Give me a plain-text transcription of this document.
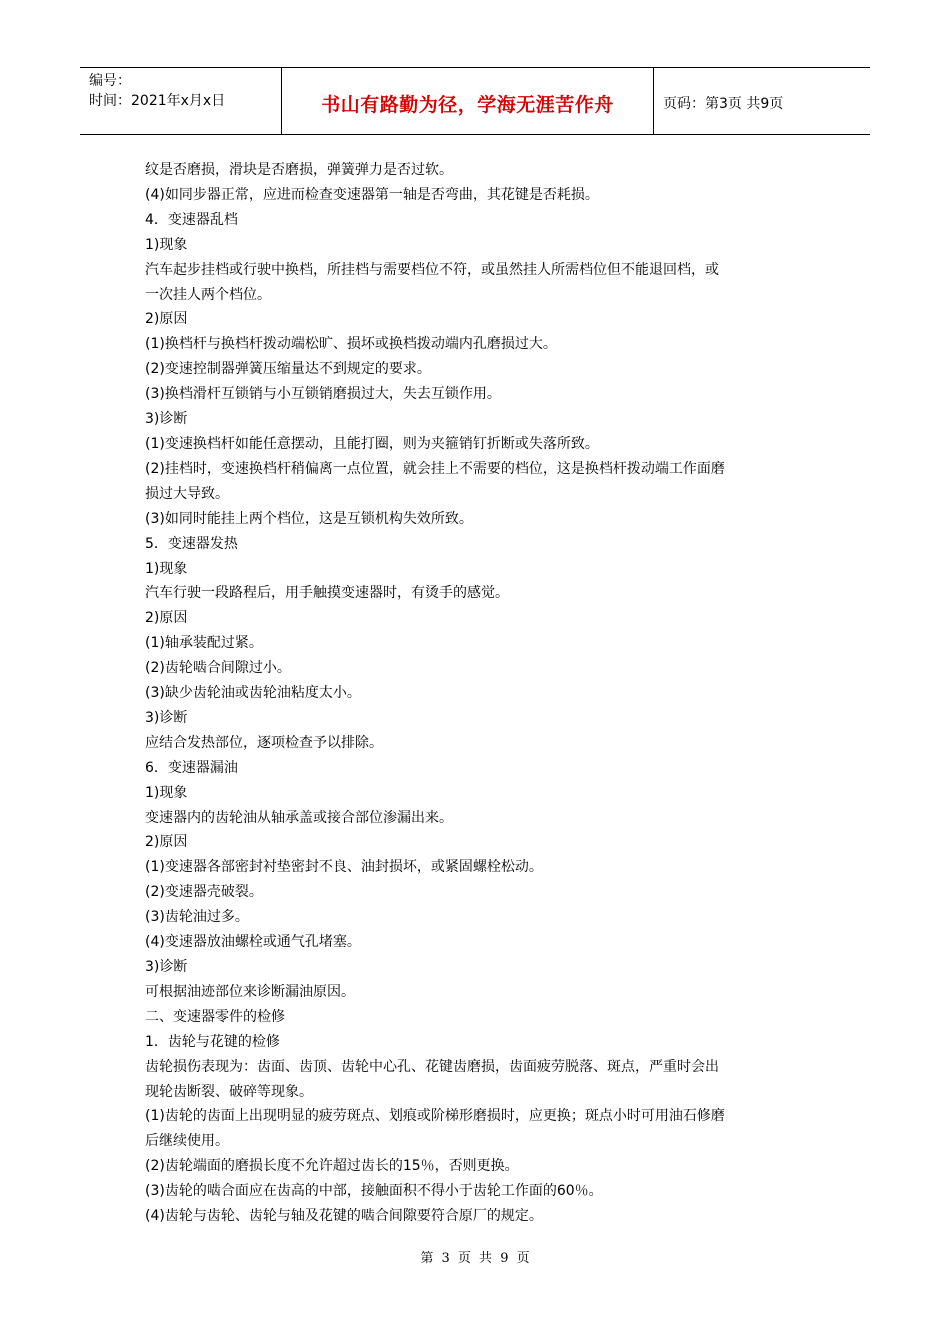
编号：
时间：2021年x月x日	书山有路勤为径，学海无涯苦作舟	页码：第3页 共9页

纹是否磨损，滑块是否磨损，弹簧弹力是否过软。

(4)如同步器正常，应进而检查变速器第一轴是否弯曲，其花键是否耗损。

4．变速器乱档

1)现象

汽车起步挂档或行驶中换档，所挂档与需要档位不符，或虽然挂人所需档位但不能退回档，或

一次挂人两个档位。

2)原因

(1)换档杆与换档杆拨动端松旷、损坏或换档拨动端内孔磨损过大。

(2)变速控制器弹簧压缩量达不到规定的要求。

(3)换档滑杆互锁销与小互锁销磨损过大，失去互锁作用。

3)诊断

(1)变速换档杆如能任意摆动，且能打圈，则为夹箍销钉折断或失落所致。

(2)挂档时，变速换档杆稍偏离一点位置，就会挂上不需要的档位，这是换档杆拨动端工作面磨

损过大导致。

(3)如同时能挂上两个档位，这是互锁机构失效所致。

5．变速器发热

1)现象

汽车行驶一段路程后，用手触摸变速器时，有烫手的感觉。

2)原因

(1)轴承装配过紧。

(2)齿轮啮合间隙过小。

(3)缺少齿轮油或齿轮油粘度太小。

3)诊断

应结合发热部位，逐项检查予以排除。

6．变速器漏油

1)现象

变速器内的齿轮油从轴承盖或接合部位渗漏出来。

2)原因

(1)变速器各部密封衬垫密封不良、油封损坏，或紧固螺栓松动。

(2)变速器壳破裂。

(3)齿轮油过多。

(4)变速器放油螺栓或通气孔堵塞。

3)诊断

可根据油迹部位来诊断漏油原因。

二、变速器零件的检修

1．齿轮与花键的检修

齿轮损伤表现为：齿面、齿顶、齿轮中心孔、花键齿磨损，齿面疲劳脱落、斑点，严重时会出

现轮齿断裂、破碎等现象。

(1)齿轮的齿面上出现明显的疲劳斑点、划痕或阶梯形磨损时，应更换；斑点小时可用油石修磨

后继续使用。

(2)齿轮端面的磨损长度不允许超过齿长的15％，否则更换。

(3)齿轮的啮合面应在齿高的中部，接触面积不得小于齿轮工作面的60％。

(4)齿轮与齿轮、齿轮与轴及花键的啮合间隙要符合原厂的规定。

第 3 页 共 9 页
